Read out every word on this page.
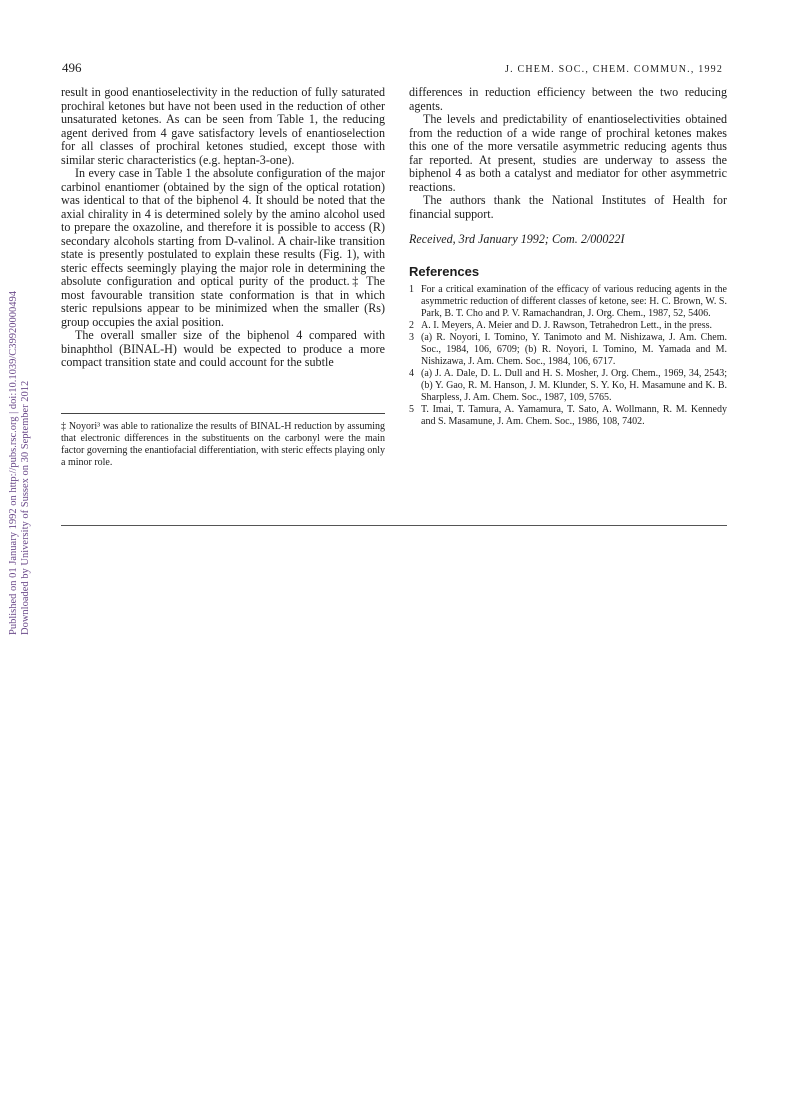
496	J. CHEM. SOC., CHEM. COMMUN., 1992
Published on 01 January 1992 on http://pubs.rsc.org | doi:10.1039/C39920000494 Downloaded by University of Sussex on 30 September 2012

result in good enantioselectivity in the reduction of fully saturated prochiral ketones but have not been used in the reduction of other unsaturated ketones. As can be seen from Table 1, the reducing agent derived from 4 gave satisfactory levels of enantioselection for all classes of prochiral ketones studied, except those with similar steric characteristics (e.g. heptan-3-one).

In every case in Table 1 the absolute configuration of the major carbinol enantiomer (obtained by the sign of the optical rotation) was identical to that of the biphenol 4. It should be noted that the axial chirality in 4 is determined solely by the amino alcohol used to prepare the oxazoline, and therefore it is possible to access (R) secondary alcohols starting from D-valinol. A chair-like transition state is presently postulated to explain these results (Fig. 1), with steric effects seemingly playing the major role in determining the absolute configuration and optical purity of the product.‡ The most favourable transition state conformation is that in which steric repulsions appear to be minimized when the smaller (Rs) group occupies the axial position.

The overall smaller size of the biphenol 4 compared with binaphthol (BINAL-H) would be expected to produce a more compact transition state and could account for the subtle

‡ Noyori³ was able to rationalize the results of BINAL-H reduction by assuming that electronic differences in the substituents on the carbonyl were the main factor governing the enantiofacial differentiation, with steric effects playing only a minor role.

differences in reduction efficiency between the two reducing agents.

The levels and predictability of enantioselectivities obtained from the reduction of a wide range of prochiral ketones makes this one of the more versatile asymmetric reducing agents thus far reported. At present, studies are underway to assess the biphenol 4 as both a catalyst and mediator for other asymmetric reactions.

The authors thank the National Institutes of Health for financial support.

Received, 3rd January 1992; Com. 2/00022I

References
1 For a critical examination of the efficacy of various reducing agents in the asymmetric reduction of different classes of ketone, see: H. C. Brown, W. S. Park, B. T. Cho and P. V. Ramachandran, J. Org. Chem., 1987, 52, 5406.
2 A. I. Meyers, A. Meier and D. J. Rawson, Tetrahedron Lett., in the press.
3 (a) R. Noyori, I. Tomino, Y. Tanimoto and M. Nishizawa, J. Am. Chem. Soc., 1984, 106, 6709; (b) R. Noyori, I. Tomino, M. Yamada and M. Nishizawa, J. Am. Chem. Soc., 1984, 106, 6717.
4 (a) J. A. Dale, D. L. Dull and H. S. Mosher, J. Org. Chem., 1969, 34, 2543; (b) Y. Gao, R. M. Hanson, J. M. Klunder, S. Y. Ko, H. Masamune and K. B. Sharpless, J. Am. Chem. Soc., 1987, 109, 5765.
5 T. Imai, T. Tamura, A. Yamamura, T. Sato, A. Wollmann, R. M. Kennedy and S. Masamune, J. Am. Chem. Soc., 1986, 108, 7402.
